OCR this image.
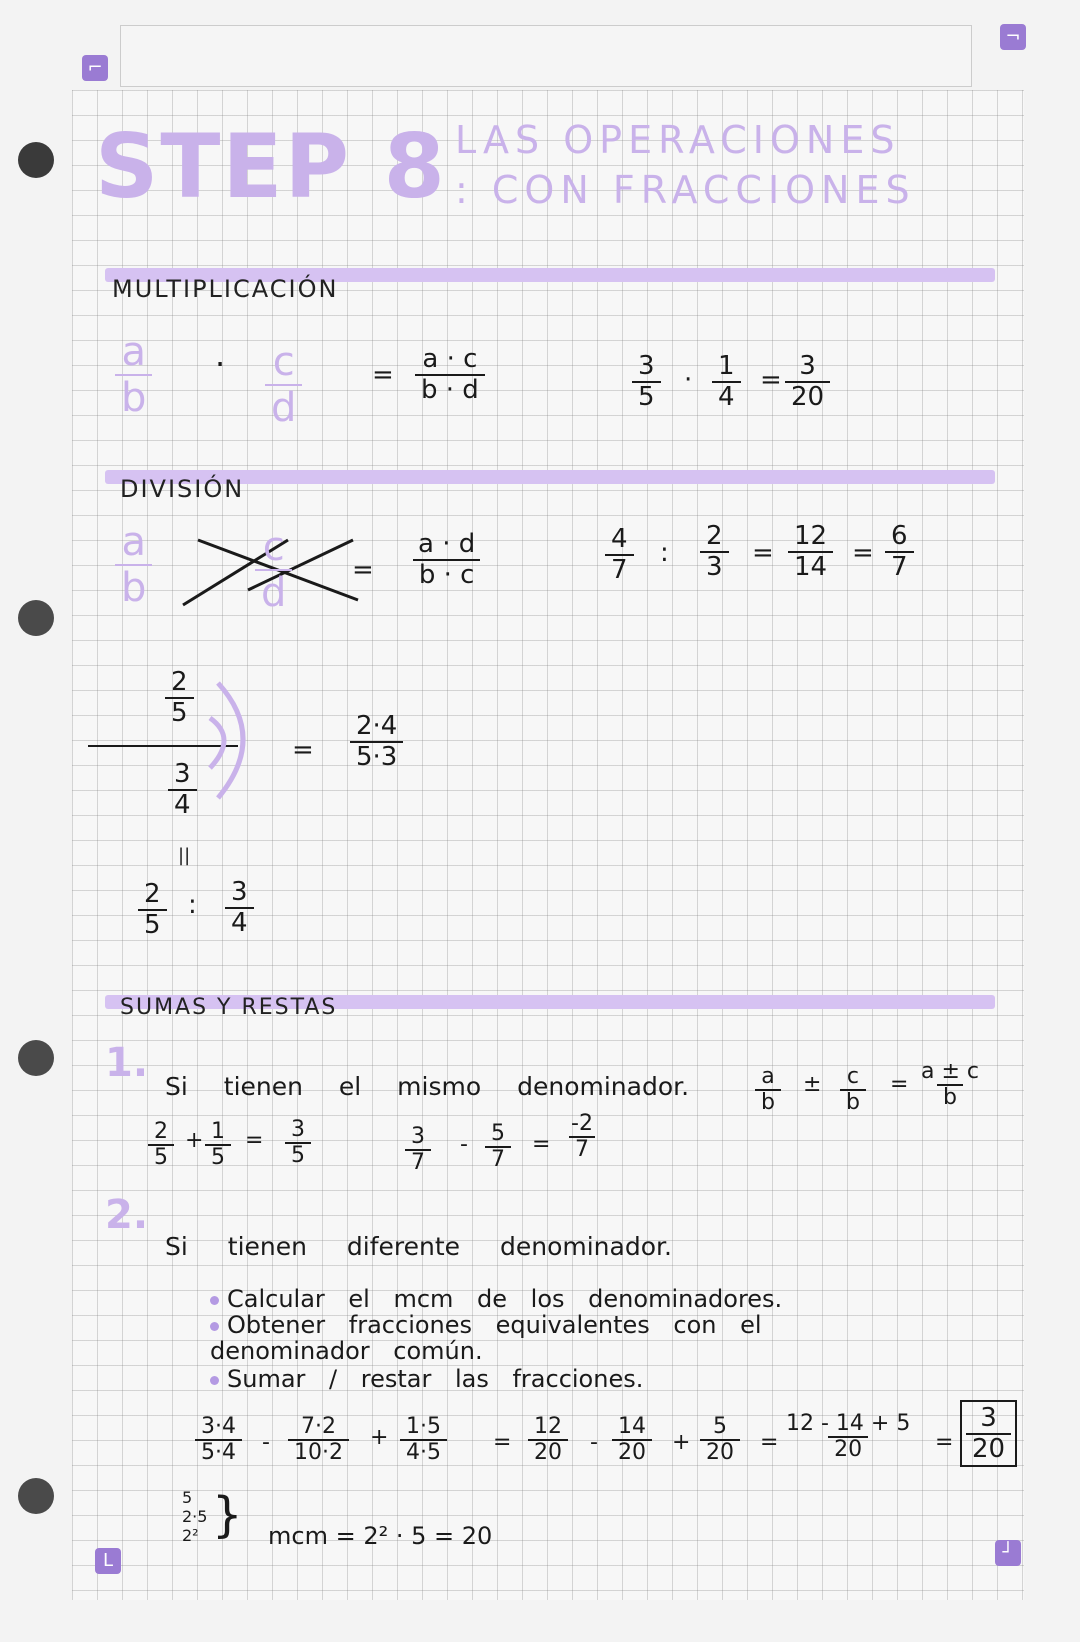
⌐
¬
L	┘
STEP 8 LAS OPERACIONES
: CON FRACCIONES
MULTIPLICACIÓN
$\frac{a}{b} \cdot \frac{c}{d}$	= $\frac{a \cdot c}{b \cdot d}$	$\frac{3}{5} \cdot \frac{1}{4} = \frac{3}{20}$
DIVISIÓN
$\frac{a}{b}$	$\frac{c}{d} = \frac{a \cdot d}{b \cdot c}$	$\frac{4}{7}$ : $\frac{2}{3} = \frac{12}{14} = \frac{6}{7}$
$\frac{2}{5}$
$\frac{3}{4}$
= $\frac{2\cdot 4}{5\cdot 3}$
||
$\frac{2}{5}$ : $\frac{3}{4}$
SUMAS Y RESTAS
1.
Si tienen el mismo denominador.	$\frac{a}{b} \pm \frac{c}{b} = \frac{a \pm c}{b}$
$\frac{2}{5} + \frac{1}{5} = \frac{3}{5}$	$\frac{3}{7} - \frac{5}{7} = \frac{-2}{7}$
2.
Si tienen diferente denominador.
Calcular el mcm de los denominadores.
Obtener fracciones equivalentes con el
denominador común.
Sumar / restar las fracciones.
$\frac{3\cdot 4}{5\cdot 4} - \frac{7\cdot 2}{10\cdot 2} + \frac{1\cdot 5}{4\cdot 5} = \frac{12}{20} - \frac{14}{20} + \frac{5}{20} = \frac{12 - 14 + 5}{20} = \frac{3}{20}$
5
2·5
2² } mcm = 2² · 5 = 20
